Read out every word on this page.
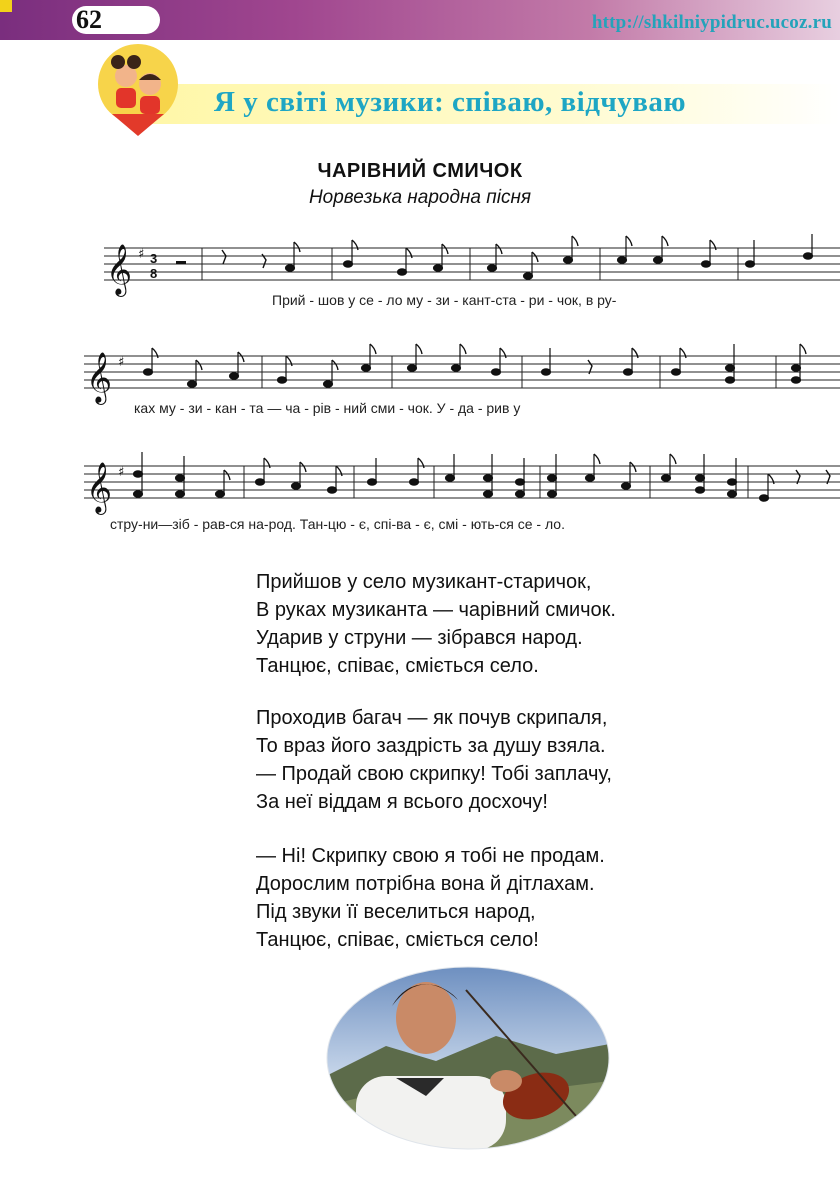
62	http://shkilniypidruc.ucoz.ru
Я у світі музики: співаю, відчуваю
ЧАРІВНИЙ СМИЧОК
Норвезька народна пісня
𝄞 ♯ 3
8
Прий - шов у се - ло му - зи - кант-ста - ри - чок, в ру-
𝄞 ♯
ках му - зи - кан - та — ча - рів - ний сми - чок. У - да - рив у
𝄞 ♯
стру-ни—зіб - рав-ся на-род. Тан-цю - є, спі-ва - є, смі - ють-ся се - ло.
Прийшов у село музикант-старичок,
В руках музиканта — чарівний смичок.
Ударив у струни — зібрався народ.
Танцює, співає, сміється село.
Проходив багач — як почув скрипаля,
То враз його заздрість за душу взяла.
— Продай свою скрипку! Тобі заплачу,
За неї віддам я всього досхочу!
— Ні! Скрипку свою я тобі не продам.
Дорослим потрібна вона й дітлахам.
Під звуки її веселиться народ,
Танцює, співає, сміється село!
